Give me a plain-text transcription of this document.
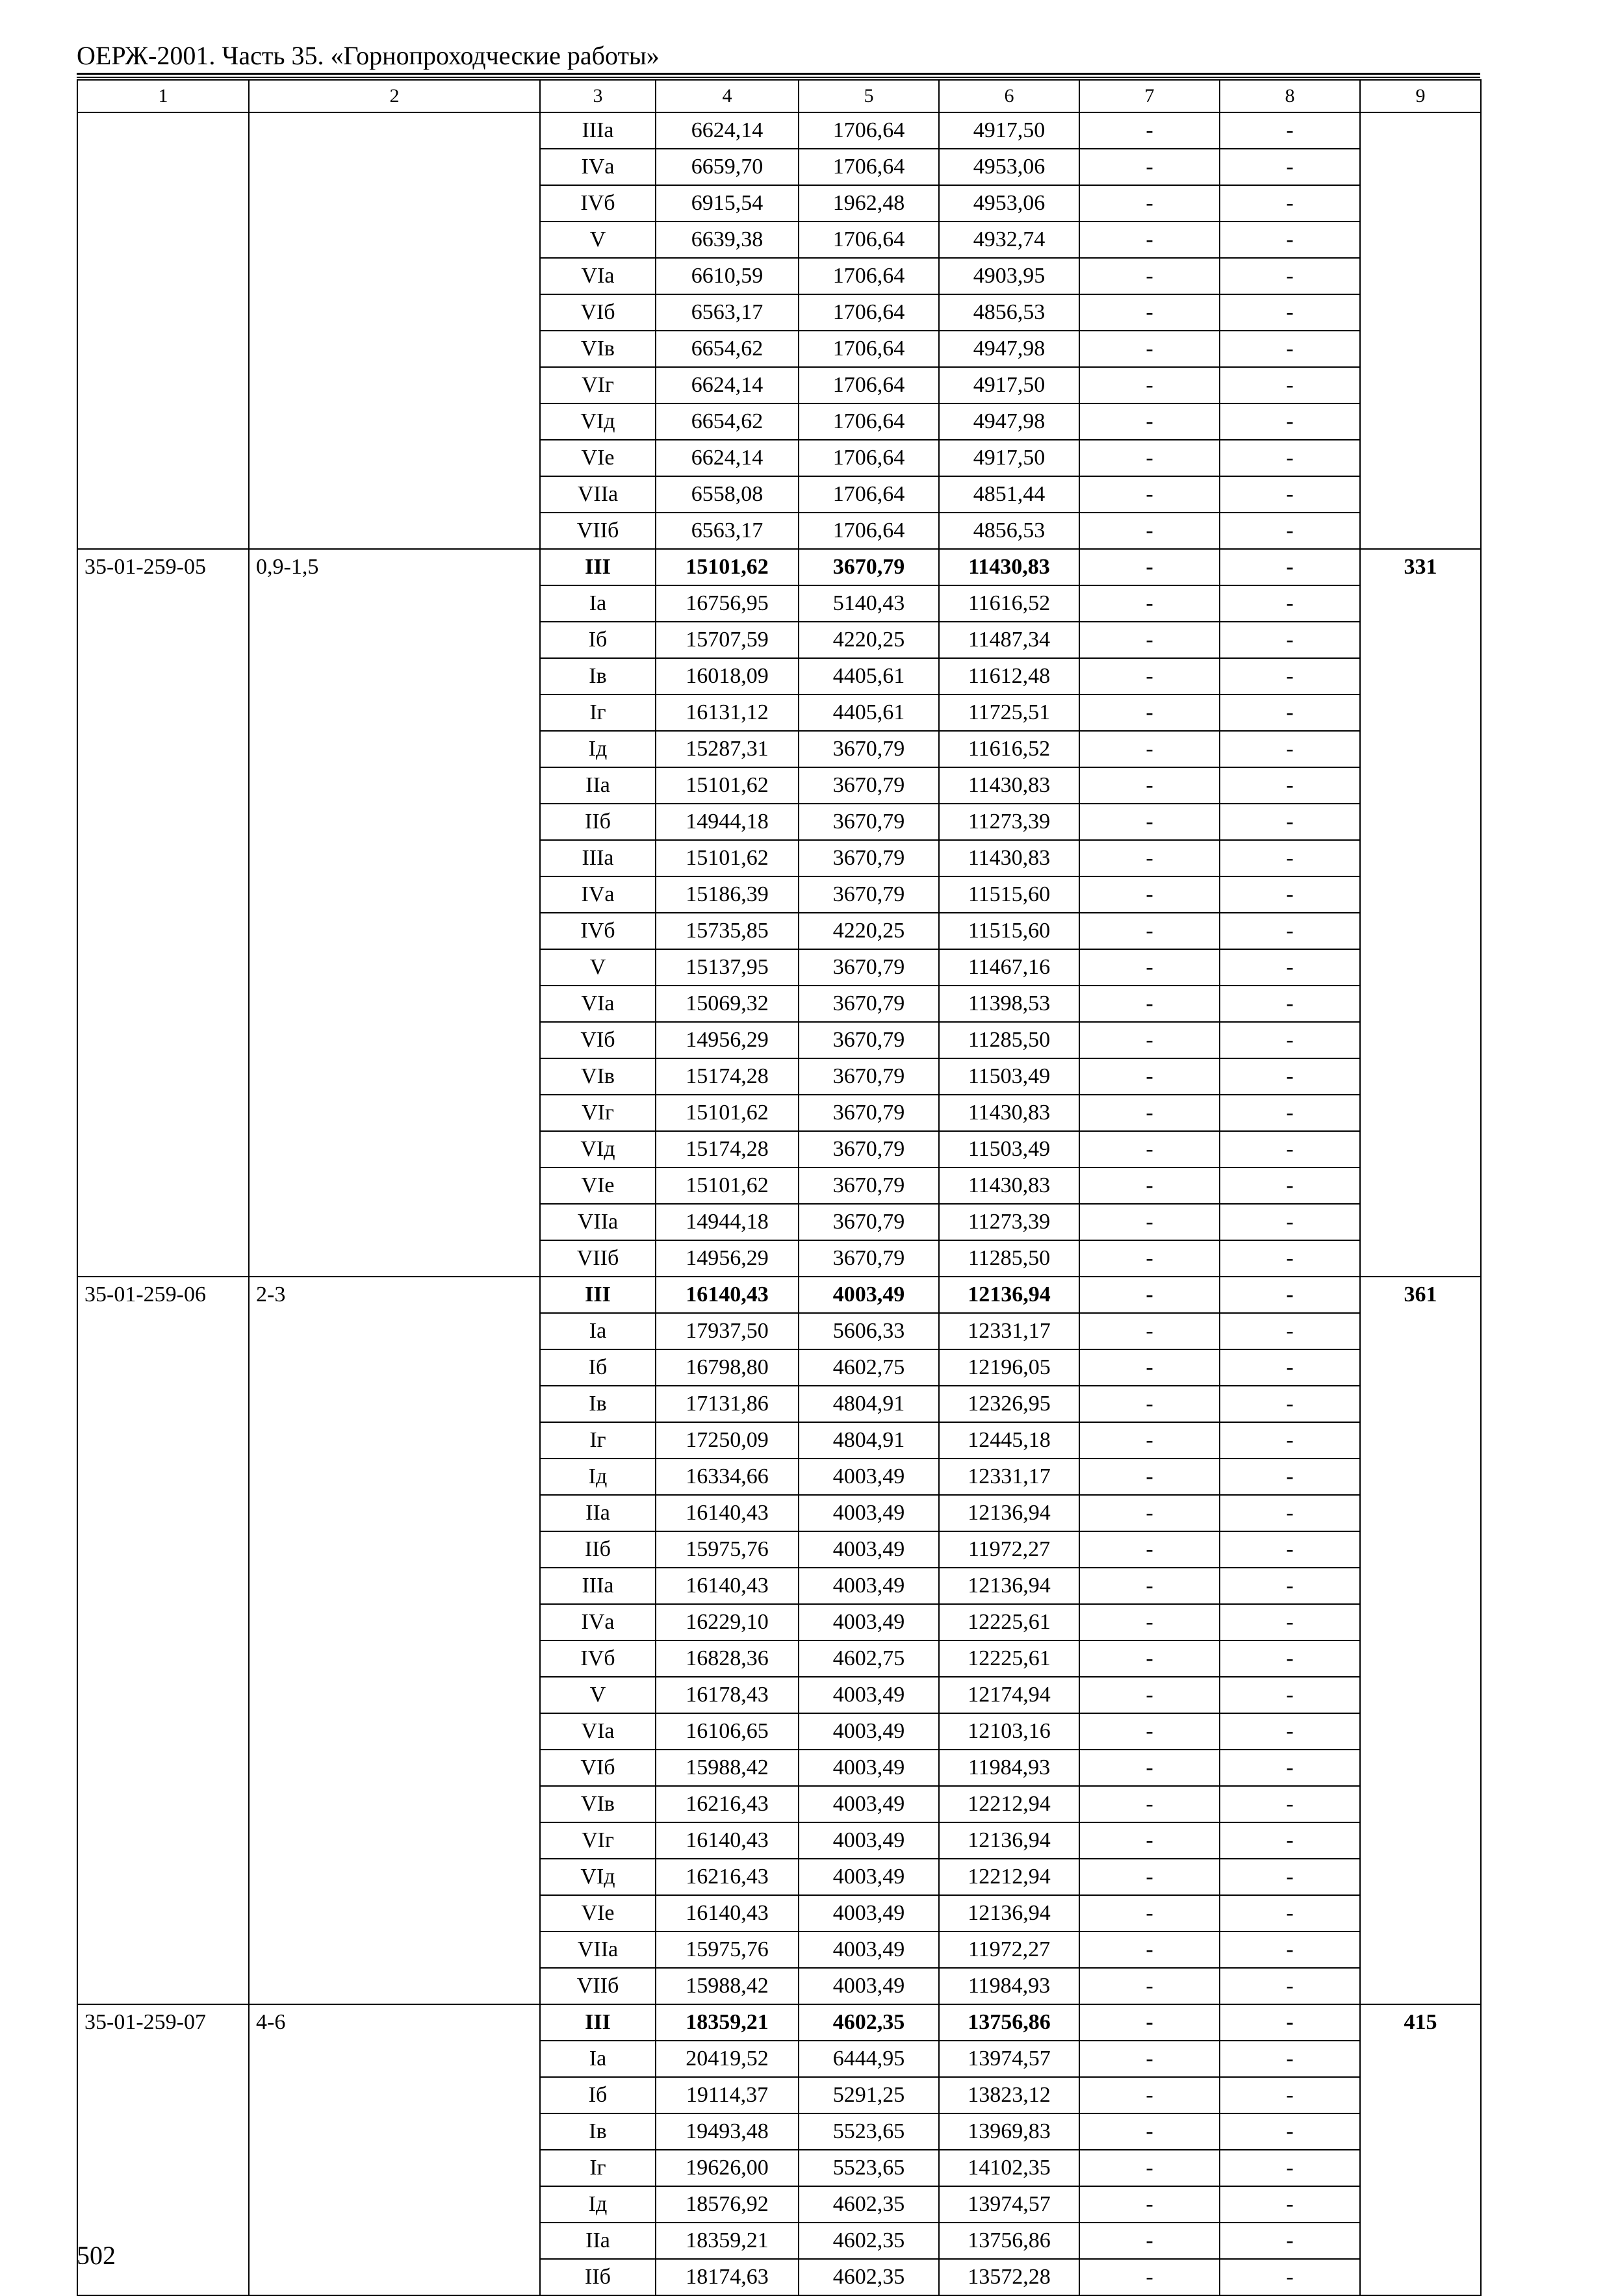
ОЕРЖ-2001. Часть 35. «Горнопроходческие работы»
1	2	3	4	5	6	7	8	9
		IIIа	6624,14	1706,64	4917,50	-	-	
		IVа	6659,70	1706,64	4953,06	-	-	
		IVб	6915,54	1962,48	4953,06	-	-	
		V	6639,38	1706,64	4932,74	-	-	
		VIа	6610,59	1706,64	4903,95	-	-	
		VIб	6563,17	1706,64	4856,53	-	-	
		VIв	6654,62	1706,64	4947,98	-	-	
		VIг	6624,14	1706,64	4917,50	-	-	
		VIд	6654,62	1706,64	4947,98	-	-	
		VIе	6624,14	1706,64	4917,50	-	-	
		VIIа	6558,08	1706,64	4851,44	-	-	
		VIIб	6563,17	1706,64	4856,53	-	-	
35-01-259-05	0,9-1,5	III	15101,62	3670,79	11430,83	-	-	331
		Iа	16756,95	5140,43	11616,52	-	-	
		Iб	15707,59	4220,25	11487,34	-	-	
		Iв	16018,09	4405,61	11612,48	-	-	
		Iг	16131,12	4405,61	11725,51	-	-	
		Iд	15287,31	3670,79	11616,52	-	-	
		IIа	15101,62	3670,79	11430,83	-	-	
		IIб	14944,18	3670,79	11273,39	-	-	
		IIIа	15101,62	3670,79	11430,83	-	-	
		IVа	15186,39	3670,79	11515,60	-	-	
		IVб	15735,85	4220,25	11515,60	-	-	
		V	15137,95	3670,79	11467,16	-	-	
		VIа	15069,32	3670,79	11398,53	-	-	
		VIб	14956,29	3670,79	11285,50	-	-	
		VIв	15174,28	3670,79	11503,49	-	-	
		VIг	15101,62	3670,79	11430,83	-	-	
		VIд	15174,28	3670,79	11503,49	-	-	
		VIе	15101,62	3670,79	11430,83	-	-	
		VIIа	14944,18	3670,79	11273,39	-	-	
		VIIб	14956,29	3670,79	11285,50	-	-	
35-01-259-06	2-3	III	16140,43	4003,49	12136,94	-	-	361
		Iа	17937,50	5606,33	12331,17	-	-	
		Iб	16798,80	4602,75	12196,05	-	-	
		Iв	17131,86	4804,91	12326,95	-	-	
		Iг	17250,09	4804,91	12445,18	-	-	
		Iд	16334,66	4003,49	12331,17	-	-	
		IIа	16140,43	4003,49	12136,94	-	-	
		IIб	15975,76	4003,49	11972,27	-	-	
		IIIа	16140,43	4003,49	12136,94	-	-	
		IVа	16229,10	4003,49	12225,61	-	-	
		IVб	16828,36	4602,75	12225,61	-	-	
		V	16178,43	4003,49	12174,94	-	-	
		VIа	16106,65	4003,49	12103,16	-	-	
		VIб	15988,42	4003,49	11984,93	-	-	
		VIв	16216,43	4003,49	12212,94	-	-	
		VIг	16140,43	4003,49	12136,94	-	-	
		VIд	16216,43	4003,49	12212,94	-	-	
		VIе	16140,43	4003,49	12136,94	-	-	
		VIIа	15975,76	4003,49	11972,27	-	-	
		VIIб	15988,42	4003,49	11984,93	-	-	
35-01-259-07	4-6	III	18359,21	4602,35	13756,86	-	-	415
		Iа	20419,52	6444,95	13974,57	-	-	
		Iб	19114,37	5291,25	13823,12	-	-	
		Iв	19493,48	5523,65	13969,83	-	-	
		Iг	19626,00	5523,65	14102,35	-	-	
		Iд	18576,92	4602,35	13974,57	-	-	
		IIа	18359,21	4602,35	13756,86	-	-	
		IIб	18174,63	4602,35	13572,28	-	-	
502
